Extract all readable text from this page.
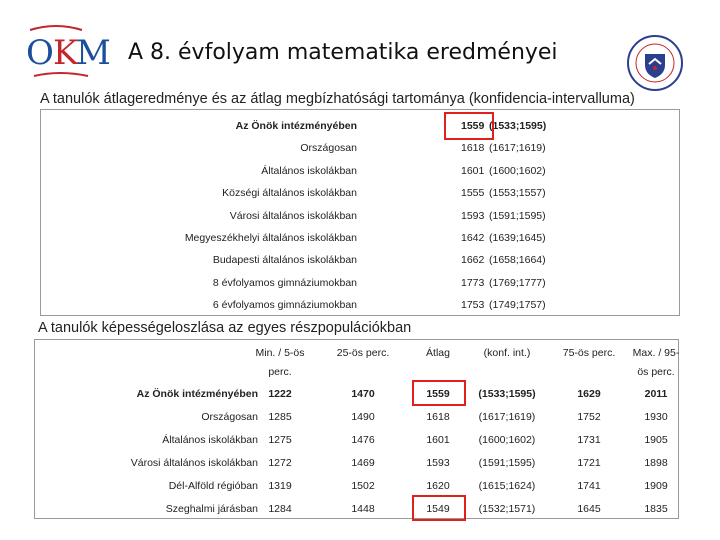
O K
M A 8. évfolyam matematika eredményei
A tanulók átlageredménye és az átlag megbízhatósági tartománya (konfidencia-intervalluma)
Az Önök intézményében	1559 (1533;1595)
Országosan	1618 (1617;1619)
Általános iskolákban	1601 (1600;1602)
Községi általános iskolákban	1555 (1553;1557)
Városi általános iskolákban	1593 (1591;1595)
Megyeszékhelyi általános iskolákban	1642 (1639;1645)
Budapesti általános iskolákban	1662 (1658;1664)
8 évfolyamos gimnáziumokban	1773 (1769;1777)
6 évfolyamos gimnáziumokban	1753 (1749;1757)
A tanulók képességeloszlása az egyes részpopulációkban
Min. / 5-ös
perc.
25-ös perc.	Átlag	(konf. int.)	75-ös perc.	Max. / 95-
ös perc.
Az Önök intézményében 1222	1470	1559	(1533;1595)	1629	2011
Országosan 1285	1490	1618	(1617;1619)	1752	1930
Általános iskolákban 1275	1476	1601	(1600;1602)	1731	1905
Városi általános iskolákban 1272	1469	1593	(1591;1595)	1721	1898
Dél-Alföld régióban 1319	1502	1620	(1615;1624)	1741	1909
Szeghalmi járásban 1284	1448	1549	(1532;1571)	1645	1835
